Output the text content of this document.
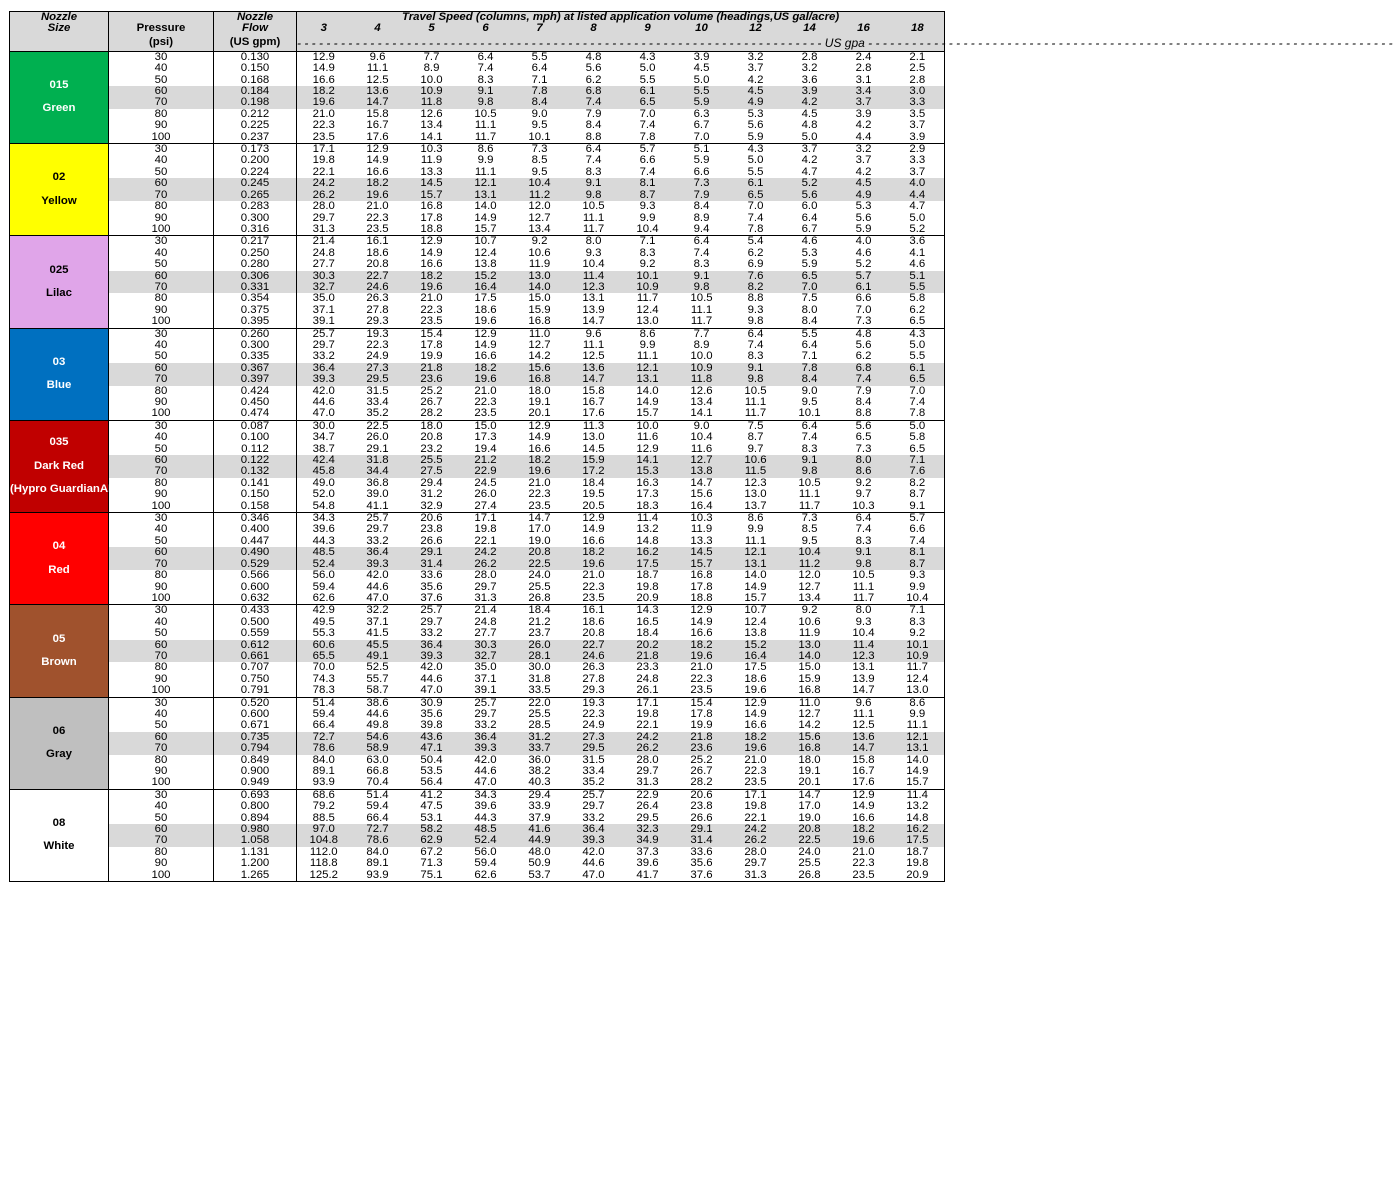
Nozzle		Nozzle	Travel Speed (columns, mph) at listed application volume (headings,US gal/acre)											
Size	Pressure	Flow	3	4	5	6	7	8	9	10	12	14	16	18
	(psi)	(US gpm)	- - - - - - - - - - - - - - - - - - - - - - - - - - - - - - - - - - - - - - - - - - - - - - - - - - - - - - - - - - - - - - - - - - - - - - - - US gpa - - - - - - - - - - - - - - - - - - - - - - - - - - - - - - - - - - - - - - - - - - - - - - - - - - - - - - - - - - - - - - - - - - - - - - - -											

015
Green	30	0.130	12.9	9.6	7.7	6.4	5.5	4.8	4.3	3.9	3.2	2.8	2.4	2.1
	40	0.150	14.9	11.1	8.9	7.4	6.4	5.6	5.0	4.5	3.7	3.2	2.8	2.5
	50	0.168	16.6	12.5	10.0	8.3	7.1	6.2	5.5	5.0	4.2	3.6	3.1	2.8
	60	0.184	18.2	13.6	10.9	9.1	7.8	6.8	6.1	5.5	4.5	3.9	3.4	3.0
	70	0.198	19.6	14.7	11.8	9.8	8.4	7.4	6.5	5.9	4.9	4.2	3.7	3.3
	80	0.212	21.0	15.8	12.6	10.5	9.0	7.9	7.0	6.3	5.3	4.5	3.9	3.5
	90	0.225	22.3	16.7	13.4	11.1	9.5	8.4	7.4	6.7	5.6	4.8	4.2	3.7
	100	0.237	23.5	17.6	14.1	11.7	10.1	8.8	7.8	7.0	5.9	5.0	4.4	3.9

02
Yellow	30	0.173	17.1	12.9	10.3	8.6	7.3	6.4	5.7	5.1	4.3	3.7	3.2	2.9
	40	0.200	19.8	14.9	11.9	9.9	8.5	7.4	6.6	5.9	5.0	4.2	3.7	3.3
	50	0.224	22.1	16.6	13.3	11.1	9.5	8.3	7.4	6.6	5.5	4.7	4.2	3.7
	60	0.245	24.2	18.2	14.5	12.1	10.4	9.1	8.1	7.3	6.1	5.2	4.5	4.0
	70	0.265	26.2	19.6	15.7	13.1	11.2	9.8	8.7	7.9	6.5	5.6	4.9	4.4
	80	0.283	28.0	21.0	16.8	14.0	12.0	10.5	9.3	8.4	7.0	6.0	5.3	4.7
	90	0.300	29.7	22.3	17.8	14.9	12.7	11.1	9.9	8.9	7.4	6.4	5.6	5.0
	100	0.316	31.3	23.5	18.8	15.7	13.4	11.7	10.4	9.4	7.8	6.7	5.9	5.2

025
Lilac	30	0.217	21.4	16.1	12.9	10.7	9.2	8.0	7.1	6.4	5.4	4.6	4.0	3.6
	40	0.250	24.8	18.6	14.9	12.4	10.6	9.3	8.3	7.4	6.2	5.3	4.6	4.1
	50	0.280	27.7	20.8	16.6	13.8	11.9	10.4	9.2	8.3	6.9	5.9	5.2	4.6
	60	0.306	30.3	22.7	18.2	15.2	13.0	11.4	10.1	9.1	7.6	6.5	5.7	5.1
	70	0.331	32.7	24.6	19.6	16.4	14.0	12.3	10.9	9.8	8.2	7.0	6.1	5.5
	80	0.354	35.0	26.3	21.0	17.5	15.0	13.1	11.7	10.5	8.8	7.5	6.6	5.8
	90	0.375	37.1	27.8	22.3	18.6	15.9	13.9	12.4	11.1	9.3	8.0	7.0	6.2
	100	0.395	39.1	29.3	23.5	19.6	16.8	14.7	13.0	11.7	9.8	8.4	7.3	6.5

03
Blue	30	0.260	25.7	19.3	15.4	12.9	11.0	9.6	8.6	7.7	6.4	5.5	4.8	4.3
	40	0.300	29.7	22.3	17.8	14.9	12.7	11.1	9.9	8.9	7.4	6.4	5.6	5.0
	50	0.335	33.2	24.9	19.9	16.6	14.2	12.5	11.1	10.0	8.3	7.1	6.2	5.5
	60	0.367	36.4	27.3	21.8	18.2	15.6	13.6	12.1	10.9	9.1	7.8	6.8	6.1
	70	0.397	39.3	29.5	23.6	19.6	16.8	14.7	13.1	11.8	9.8	8.4	7.4	6.5
	80	0.424	42.0	31.5	25.2	21.0	18.0	15.8	14.0	12.6	10.5	9.0	7.9	7.0
	90	0.450	44.6	33.4	26.7	22.3	19.1	16.7	14.9	13.4	11.1	9.5	8.4	7.4
	100	0.474	47.0	35.2	28.2	23.5	20.1	17.6	15.7	14.1	11.7	10.1	8.8	7.8

035
Dark Red
(Hypro GuardianAIR only)	30	0.087	30.0	22.5	18.0	15.0	12.9	11.3	10.0	9.0	7.5	6.4	5.6	5.0
	40	0.100	34.7	26.0	20.8	17.3	14.9	13.0	11.6	10.4	8.7	7.4	6.5	5.8
	50	0.112	38.7	29.1	23.2	19.4	16.6	14.5	12.9	11.6	9.7	8.3	7.3	6.5
	60	0.122	42.4	31.8	25.5	21.2	18.2	15.9	14.1	12.7	10.6	9.1	8.0	7.1
	70	0.132	45.8	34.4	27.5	22.9	19.6	17.2	15.3	13.8	11.5	9.8	8.6	7.6
	80	0.141	49.0	36.8	29.4	24.5	21.0	18.4	16.3	14.7	12.3	10.5	9.2	8.2
	90	0.150	52.0	39.0	31.2	26.0	22.3	19.5	17.3	15.6	13.0	11.1	9.7	8.7
	100	0.158	54.8	41.1	32.9	27.4	23.5	20.5	18.3	16.4	13.7	11.7	10.3	9.1

04
Red	30	0.346	34.3	25.7	20.6	17.1	14.7	12.9	11.4	10.3	8.6	7.3	6.4	5.7
	40	0.400	39.6	29.7	23.8	19.8	17.0	14.9	13.2	11.9	9.9	8.5	7.4	6.6
	50	0.447	44.3	33.2	26.6	22.1	19.0	16.6	14.8	13.3	11.1	9.5	8.3	7.4
	60	0.490	48.5	36.4	29.1	24.2	20.8	18.2	16.2	14.5	12.1	10.4	9.1	8.1
	70	0.529	52.4	39.3	31.4	26.2	22.5	19.6	17.5	15.7	13.1	11.2	9.8	8.7
	80	0.566	56.0	42.0	33.6	28.0	24.0	21.0	18.7	16.8	14.0	12.0	10.5	9.3
	90	0.600	59.4	44.6	35.6	29.7	25.5	22.3	19.8	17.8	14.9	12.7	11.1	9.9
	100	0.632	62.6	47.0	37.6	31.3	26.8	23.5	20.9	18.8	15.7	13.4	11.7	10.4

05
Brown	30	0.433	42.9	32.2	25.7	21.4	18.4	16.1	14.3	12.9	10.7	9.2	8.0	7.1
	40	0.500	49.5	37.1	29.7	24.8	21.2	18.6	16.5	14.9	12.4	10.6	9.3	8.3
	50	0.559	55.3	41.5	33.2	27.7	23.7	20.8	18.4	16.6	13.8	11.9	10.4	9.2
	60	0.612	60.6	45.5	36.4	30.3	26.0	22.7	20.2	18.2	15.2	13.0	11.4	10.1
	70	0.661	65.5	49.1	39.3	32.7	28.1	24.6	21.8	19.6	16.4	14.0	12.3	10.9
	80	0.707	70.0	52.5	42.0	35.0	30.0	26.3	23.3	21.0	17.5	15.0	13.1	11.7
	90	0.750	74.3	55.7	44.6	37.1	31.8	27.8	24.8	22.3	18.6	15.9	13.9	12.4
	100	0.791	78.3	58.7	47.0	39.1	33.5	29.3	26.1	23.5	19.6	16.8	14.7	13.0

06
Gray	30	0.520	51.4	38.6	30.9	25.7	22.0	19.3	17.1	15.4	12.9	11.0	9.6	8.6
	40	0.600	59.4	44.6	35.6	29.7	25.5	22.3	19.8	17.8	14.9	12.7	11.1	9.9
	50	0.671	66.4	49.8	39.8	33.2	28.5	24.9	22.1	19.9	16.6	14.2	12.5	11.1
	60	0.735	72.7	54.6	43.6	36.4	31.2	27.3	24.2	21.8	18.2	15.6	13.6	12.1
	70	0.794	78.6	58.9	47.1	39.3	33.7	29.5	26.2	23.6	19.6	16.8	14.7	13.1
	80	0.849	84.0	63.0	50.4	42.0	36.0	31.5	28.0	25.2	21.0	18.0	15.8	14.0
	90	0.900	89.1	66.8	53.5	44.6	38.2	33.4	29.7	26.7	22.3	19.1	16.7	14.9
	100	0.949	93.9	70.4	56.4	47.0	40.3	35.2	31.3	28.2	23.5	20.1	17.6	15.7

08
White	30	0.693	68.6	51.4	41.2	34.3	29.4	25.7	22.9	20.6	17.1	14.7	12.9	11.4
	40	0.800	79.2	59.4	47.5	39.6	33.9	29.7	26.4	23.8	19.8	17.0	14.9	13.2
	50	0.894	88.5	66.4	53.1	44.3	37.9	33.2	29.5	26.6	22.1	19.0	16.6	14.8
	60	0.980	97.0	72.7	58.2	48.5	41.6	36.4	32.3	29.1	24.2	20.8	18.2	16.2
	70	1.058	104.8	78.6	62.9	52.4	44.9	39.3	34.9	31.4	26.2	22.5	19.6	17.5
	80	1.131	112.0	84.0	67.2	56.0	48.0	42.0	37.3	33.6	28.0	24.0	21.0	18.7
	90	1.200	118.8	89.1	71.3	59.4	50.9	44.6	39.6	35.6	29.7	25.5	22.3	19.8
	100	1.265	125.2	93.9	75.1	62.6	53.7	47.0	41.7	37.6	31.3	26.8	23.5	20.9
